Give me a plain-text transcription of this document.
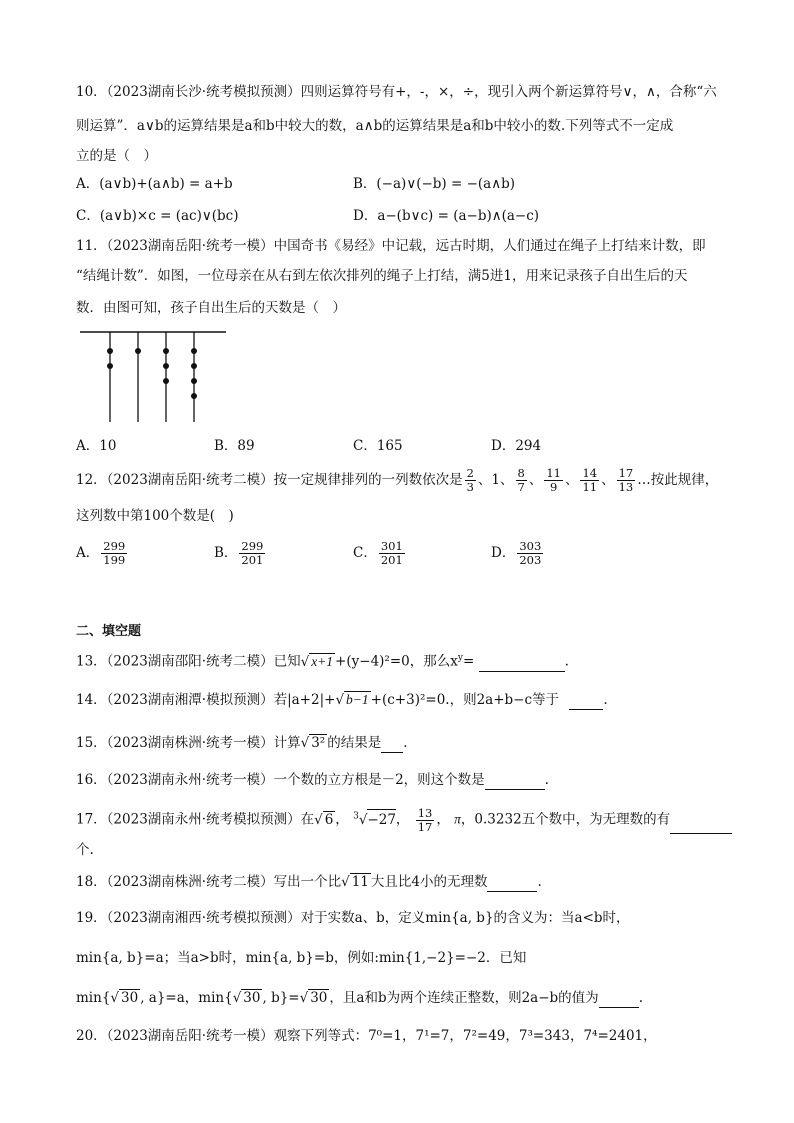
10．（2023湖南长沙·统考模拟预测）四则运算符号有+，-，×，÷，现引入两个新运算符号∨，∧，合称“六
则运算”．a∨b的运算结果是a和b中较大的数，a∧b的运算结果是a和b中较小的数.下列等式不一定成
立的是（　）
A．(a∨b)+(a∧b) = a+b	B．(−a)∨(−b) = −(a∧b)
C．(a∨b)×c = (ac)∨(bc)	D．a−(b∨c) = (a−b)∧(a−c)
11．（2023湖南岳阳·统考一模）中国奇书《易经》中记载，远古时期，人们通过在绳子上打结来计数，即
“结绳计数”．如图，一位母亲在从右到左依次排列的绳子上打结，满5进1，用来记录孩子自出生后的天
数．由图可知，孩子自出生后的天数是（　）
A．10	B．89	C．165	D．294
12．（2023湖南岳阳·统考二模）按一定规律排列的一列数依次是 $\frac{2}{3}$ 、1、 $\frac{8}{7}$ 、 $\frac{11}{9}$ 、 $\frac{14}{11}$ 、 $\frac{17}{13}$ …按此规律，
这列数中第100个数是(　)
A． $\frac{299}{199}$	B． $\frac{299}{201}$	C． $\frac{301}{201}$	D． $\frac{303}{203}$
二、填空题
13．（2023湖南邵阳·统考二模）已知√ x+1 +(y−4)²=0，那么$x^y=$	.
14．（2023湖南湘潭·模拟预测）若|a+2|+√ b−1 +(c+3)²=0.，则2a+b−c等于	.
15．（2023湖南株洲·统考一模）计算√ 3² 的结果是 .
16．（2023湖南永州·统考一模）一个数的立方根是－2，则这个数是	.
17．（2023湖南永州·统考模拟预测）在√ 6 ， $^3$√−27， $\frac{13}{17}$ ， π，0.3232五个数中，为无理数的有
个.
18．（2023湖南株洲·统考二模）写出一个比√ 11 大且比4小的无理数	.
19．（2023湖南湘西·统考模拟预测）对于实数a、b，定义min{a, b}的含义为：当a<b时，
min{a, b}=a；当a>b时，min{a, b}=b，例如:min{1,−2}=−2．已知
min{√ 30 , a}=a，min{√ 30 , b}=√ 30 ，且a和b为两个连续正整数，则2a−b的值为	.
20．（2023湖南岳阳·统考一模）观察下列等式：7⁰=1，7¹=7，7²=49，7³=343，7⁴=2401，
